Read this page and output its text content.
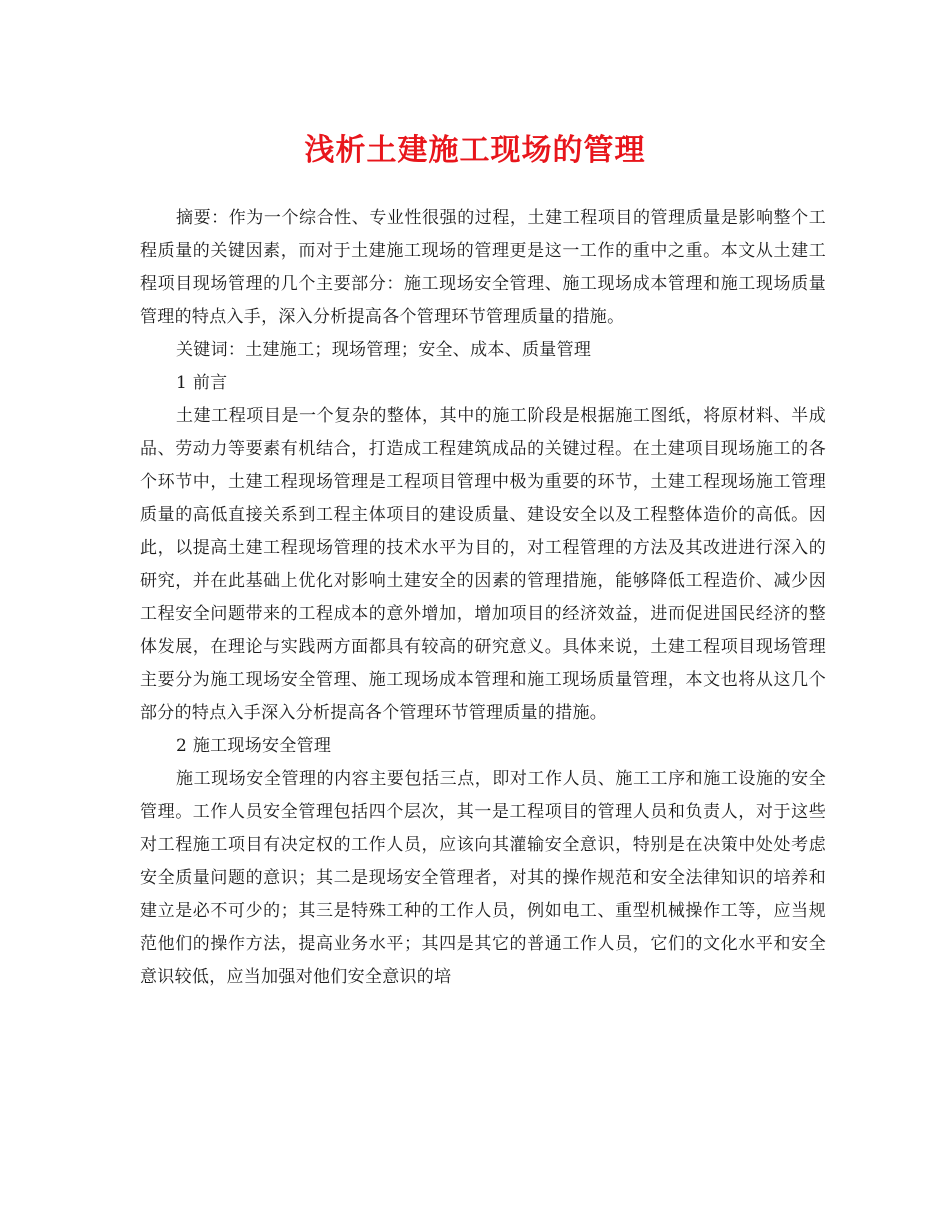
浅析土建施工现场的管理

摘要：作为一个综合性、专业性很强的过程，土建工程项目的管理质量是影响整个工程质量的关键因素，而对于土建施工现场的管理更是这一工作的重中之重。本文从土建工程项目现场管理的几个主要部分：施工现场安全管理、施工现场成本管理和施工现场质量管理的特点入手，深入分析提高各个管理环节管理质量的措施。

关键词：土建施工；现场管理；安全、成本、质量管理

1 前言

土建工程项目是一个复杂的整体，其中的施工阶段是根据施工图纸，将原材料、半成品、劳动力等要素有机结合，打造成工程建筑成品的关键过程。在土建项目现场施工的各个环节中，土建工程现场管理是工程项目管理中极为重要的环节，土建工程现场施工管理质量的高低直接关系到工程主体项目的建设质量、建设安全以及工程整体造价的高低。因此，以提高土建工程现场管理的技术水平为目的，对工程管理的方法及其改进进行深入的研究，并在此基础上优化对影响土建安全的因素的管理措施，能够降低工程造价、减少因工程安全问题带来的工程成本的意外增加，增加项目的经济效益，进而促进国民经济的整体发展，在理论与实践两方面都具有较高的研究意义。具体来说，土建工程项目现场管理主要分为施工现场安全管理、施工现场成本管理和施工现场质量管理，本文也将从这几个部分的特点入手深入分析提高各个管理环节管理质量的措施。

2 施工现场安全管理

施工现场安全管理的内容主要包括三点，即对工作人员、施工工序和施工设施的安全管理。工作人员安全管理包括四个层次，其一是工程项目的管理人员和负责人，对于这些对工程施工项目有决定权的工作人员，应该向其灌输安全意识，特别是在决策中处处考虑安全质量问题的意识；其二是现场安全管理者，对其的操作规范和安全法律知识的培养和建立是必不可少的；其三是特殊工种的工作人员，例如电工、重型机械操作工等，应当规范他们的操作方法，提高业务水平；其四是其它的普通工作人员，它们的文化水平和安全意识较低，应当加强对他们安全意识的培
